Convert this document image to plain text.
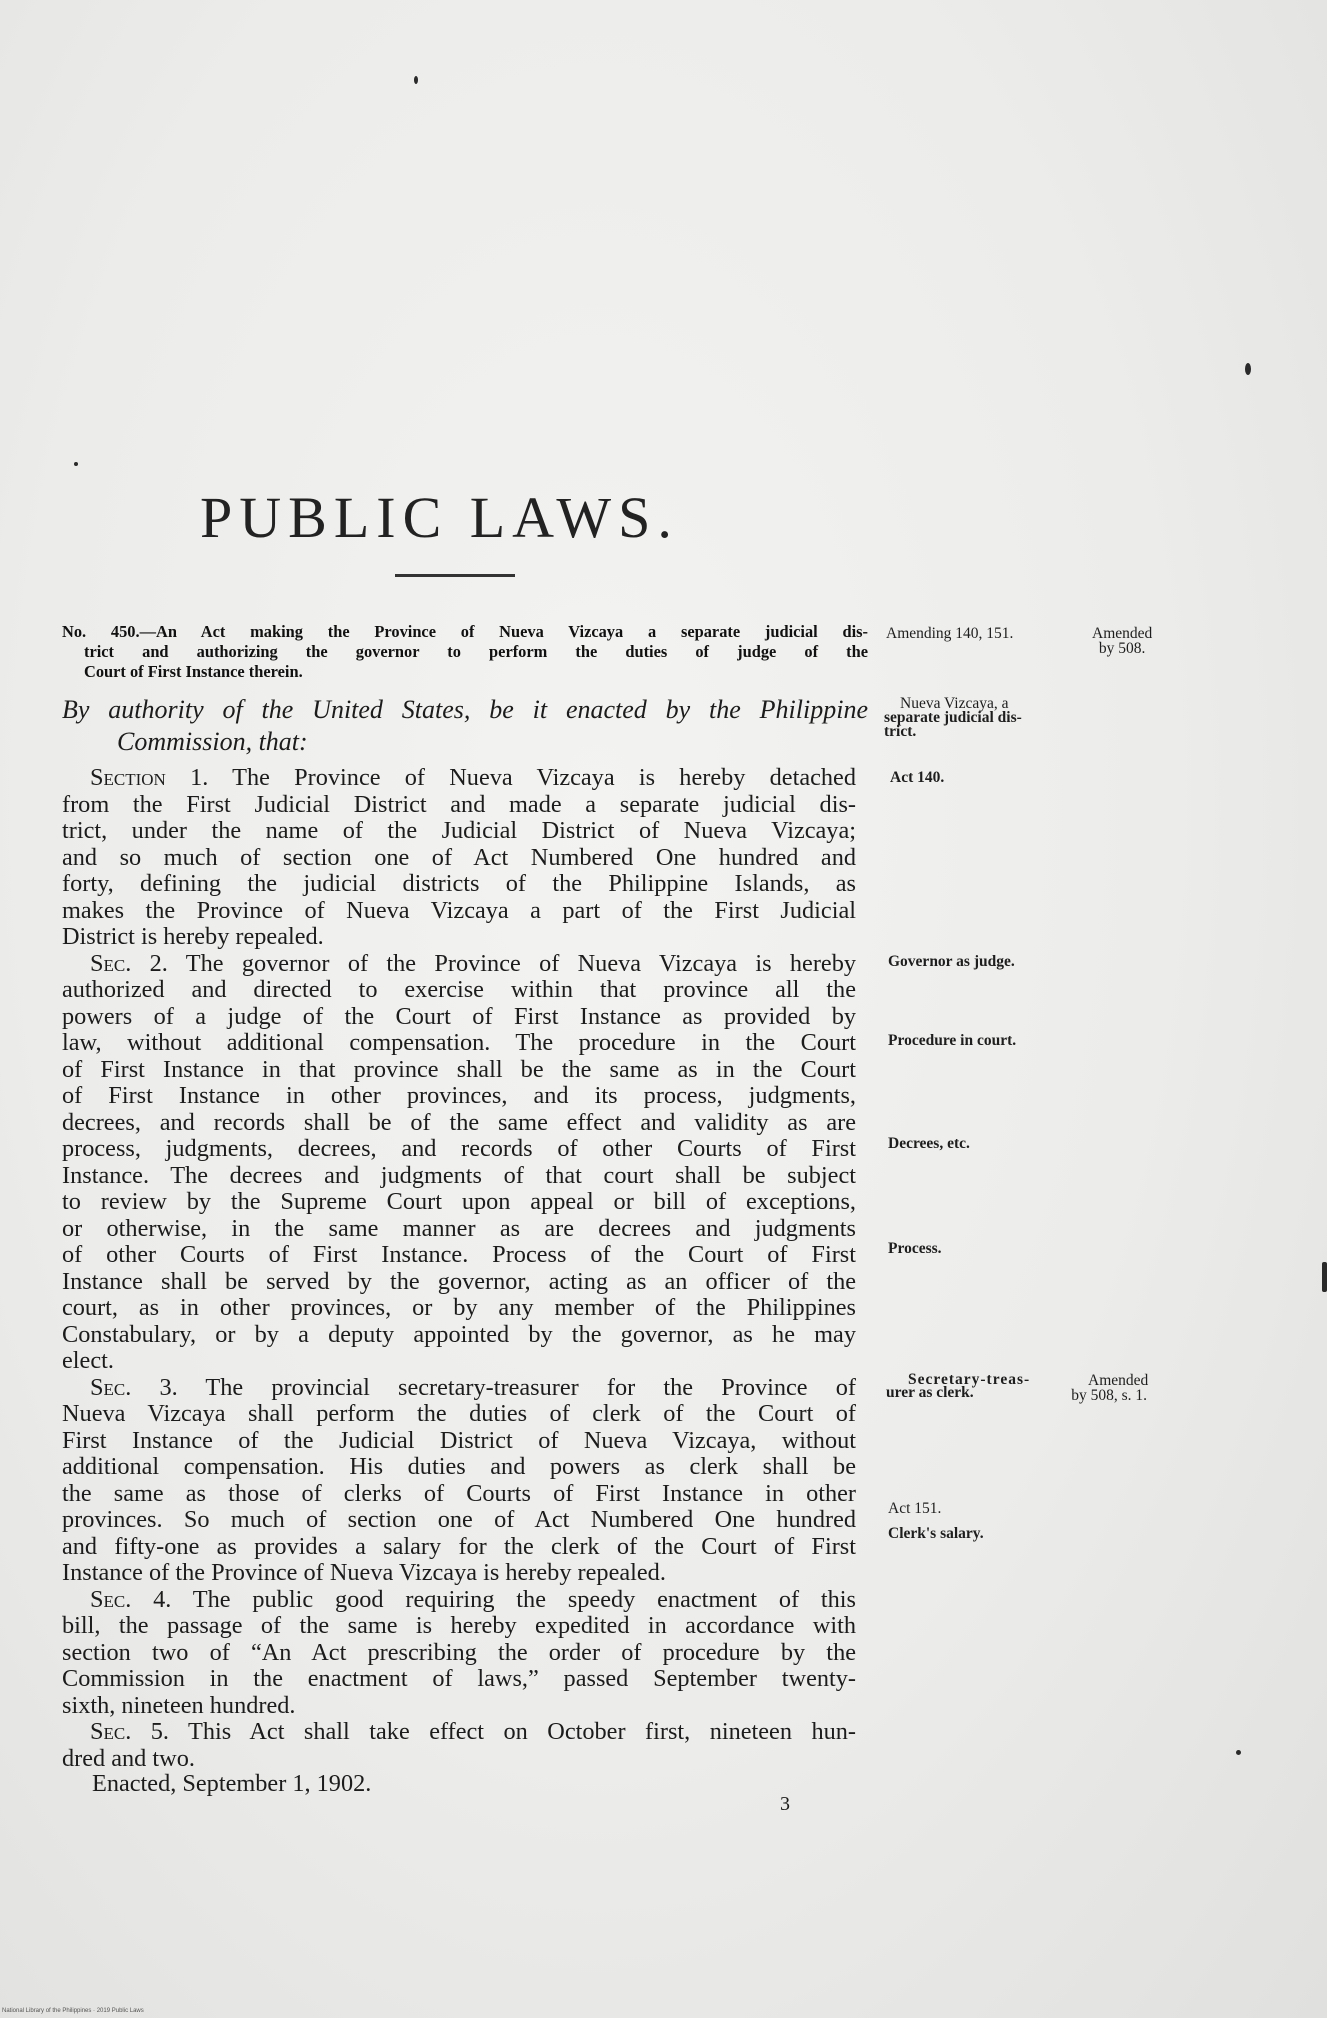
PUBLIC LAWS.
No. 450.—An Act making the Province of Nueva Vizcaya a separate judicial dis-
trict and authorizing the governor to perform the duties of judge of the
Court of First Instance therein.
By authority of the United States, be it enacted by the Philippine
Commission, that:
Section 1. The Province of Nueva Vizcaya is hereby detached
from the First Judicial District and made a separate judicial dis-
trict, under the name of the Judicial District of Nueva Vizcaya;
and so much of section one of Act Numbered One hundred and
forty, defining the judicial districts of the Philippine Islands, as
makes the Province of Nueva Vizcaya a part of the First Judicial
District is hereby repealed.
Sec. 2. The governor of the Province of Nueva Vizcaya is hereby
authorized and directed to exercise within that province all the
powers of a judge of the Court of First Instance as provided by
law, without additional compensation. The procedure in the Court
of First Instance in that province shall be the same as in the Court
of First Instance in other provinces, and its process, judgments,
decrees, and records shall be of the same effect and validity as are
process, judgments, decrees, and records of other Courts of First
Instance. The decrees and judgments of that court shall be subject
to review by the Supreme Court upon appeal or bill of exceptions,
or otherwise, in the same manner as are decrees and judgments
of other Courts of First Instance. Process of the Court of First
Instance shall be served by the governor, acting as an officer of the
court, as in other provinces, or by any member of the Philippines
Constabulary, or by a deputy appointed by the governor, as he may
elect.
Sec. 3. The provincial secretary-treasurer for the Province of
Nueva Vizcaya shall perform the duties of clerk of the Court of
First Instance of the Judicial District of Nueva Vizcaya, without
additional compensation. His duties and powers as clerk shall be
the same as those of clerks of Courts of First Instance in other
provinces. So much of section one of Act Numbered One hundred
and fifty-one as provides a salary for the clerk of the Court of First
Instance of the Province of Nueva Vizcaya is hereby repealed.
Sec. 4. The public good requiring the speedy enactment of this
bill, the passage of the same is hereby expedited in accordance with
section two of “An Act prescribing the order of procedure by the
Commission in the enactment of laws,” passed September twenty-
sixth, nineteen hundred.
Sec. 5. This Act shall take effect on October first, nineteen hun-
dred and two.
Enacted, September 1, 1902.
3
Amending 140, 151.	Amended
by 508.
Nueva Vizcaya, a
separate judicial dis-
trict.
Act 140.
Governor as judge.
Procedure in court.
Decrees, etc.
Process.
Secretary-treas-
urer as clerk.
Amended
by 508, s. 1.
Act 151.
Clerk's salary.
National Library of the Philippines · 2019 Public Laws
